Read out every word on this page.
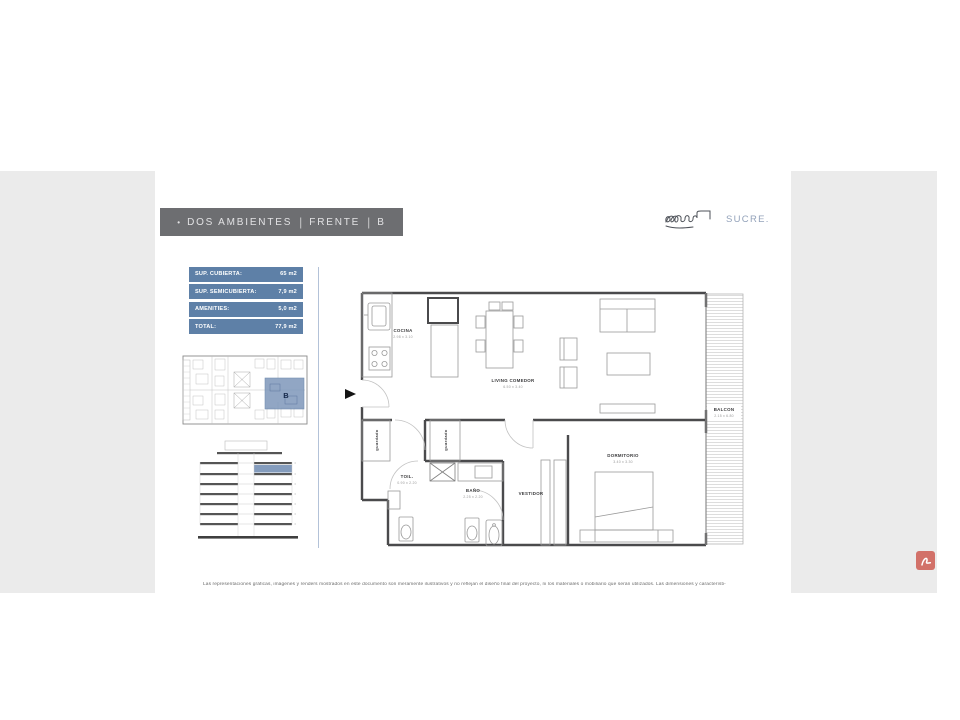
• DOS AMBIENTES | FRENTE | B	SUCRE.
SUP. CUBIERTA:	65 m2
SUP. SEMICUBIERTA:	7,9 m2
AMENITIES:	5,0 m2
TOTAL:	77,9 m2
B
BALCON
2.15 x 6.80
guardado	guardado
COCINA
2.98 x 3.10
LIVING COMEDOR
6.50 x 3.40
DORMITORIO
3.40 x 3.30
TOIL.
0.90 x 2.20
BAÑO
2.25 x 2.20
VESTIDOR
Las representaciones gráficas, imágenes y renders mostrados en este documento son meramente ilustrativos y no reflejan el diseño final del proyecto, ni los materiales o mobiliario que serán utilizados. Las dimensiones y característi-
